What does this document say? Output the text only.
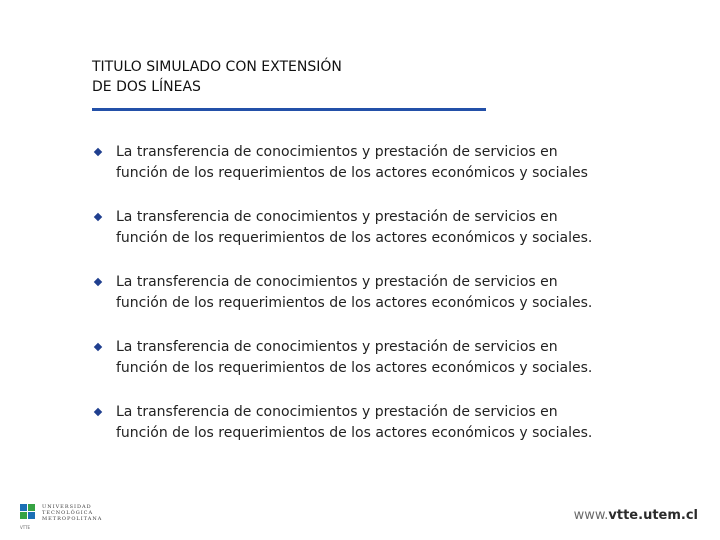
TITULO SIMULADO CON EXTENSIÓN
DE DOS LÍNEAS
La transferencia de conocimientos y prestación de servicios en
función de los requerimientos de los actores económicos y sociales
La transferencia de conocimientos y prestación de servicios en
función de los requerimientos de los actores económicos y sociales.
La transferencia de conocimientos y prestación de servicios en
función de los requerimientos de los actores económicos y sociales.
La transferencia de conocimientos y prestación de servicios en
función de los requerimientos de los actores económicos y sociales.
La transferencia de conocimientos y prestación de servicios en
función de los requerimientos de los actores económicos y sociales.
UNIVERSIDAD
TECNOLÓGICA
METROPOLITANA
VTTE
www.vtte.utem.cl
